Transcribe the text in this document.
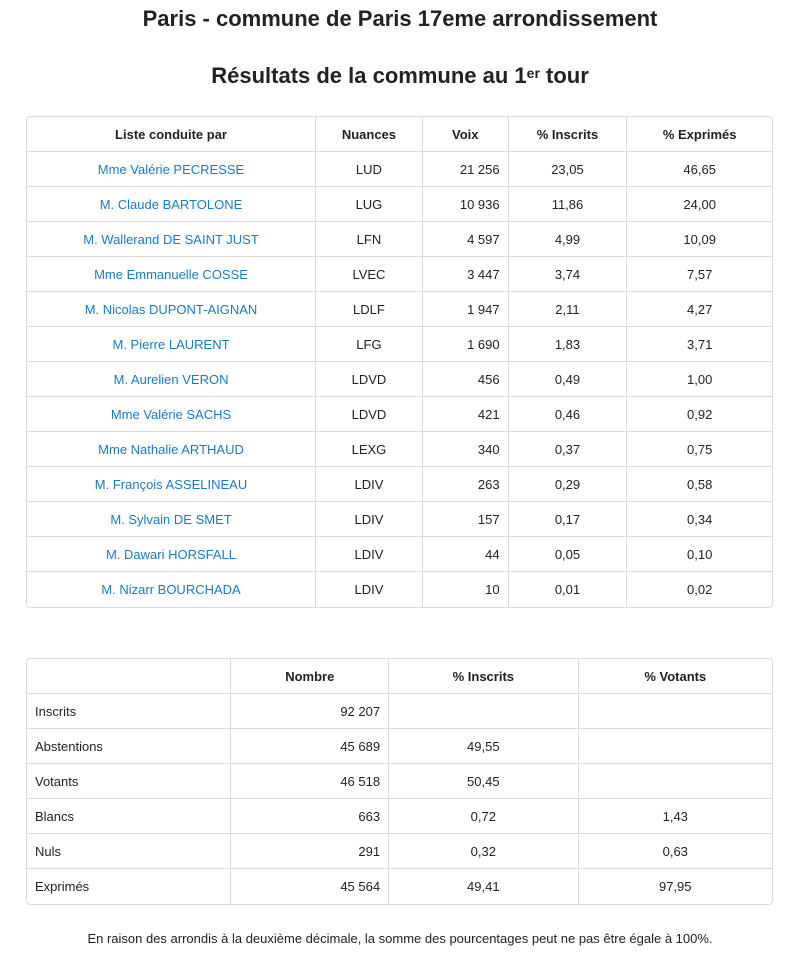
Paris - commune de Paris 17eme arrondissement
Résultats de la commune au 1er tour
Liste conduite par	Nuances	Voix	% Inscrits	% Exprimés
Mme Valérie PECRESSE	LUD	21 256	23,05	46,65
M. Claude BARTOLONE	LUG	10 936	11,86	24,00
M. Wallerand DE SAINT JUST	LFN	4 597	4,99	10,09
Mme Emmanuelle COSSE	LVEC	3 447	3,74	7,57
M. Nicolas DUPONT-AIGNAN	LDLF	1 947	2,11	4,27
M. Pierre LAURENT	LFG	1 690	1,83	3,71
M. Aurelien VERON	LDVD	456	0,49	1,00
Mme Valérie SACHS	LDVD	421	0,46	0,92
Mme Nathalie ARTHAUD	LEXG	340	0,37	0,75
M. François ASSELINEAU	LDIV	263	0,29	0,58
M. Sylvain DE SMET	LDIV	157	0,17	0,34
M. Dawari HORSFALL	LDIV	44	0,05	0,10
M. Nizarr BOURCHADA	LDIV	10	0,01	0,02
	Nombre	% Inscrits	% Votants
Inscrits	92 207		
Abstentions	45 689	49,55	
Votants	46 518	50,45	
Blancs	663	0,72	1,43
Nuls	291	0,32	0,63
Exprimés	45 564	49,41	97,95
En raison des arrondis à la deuxième décimale, la somme des pourcentages peut ne pas être égale à 100%.
